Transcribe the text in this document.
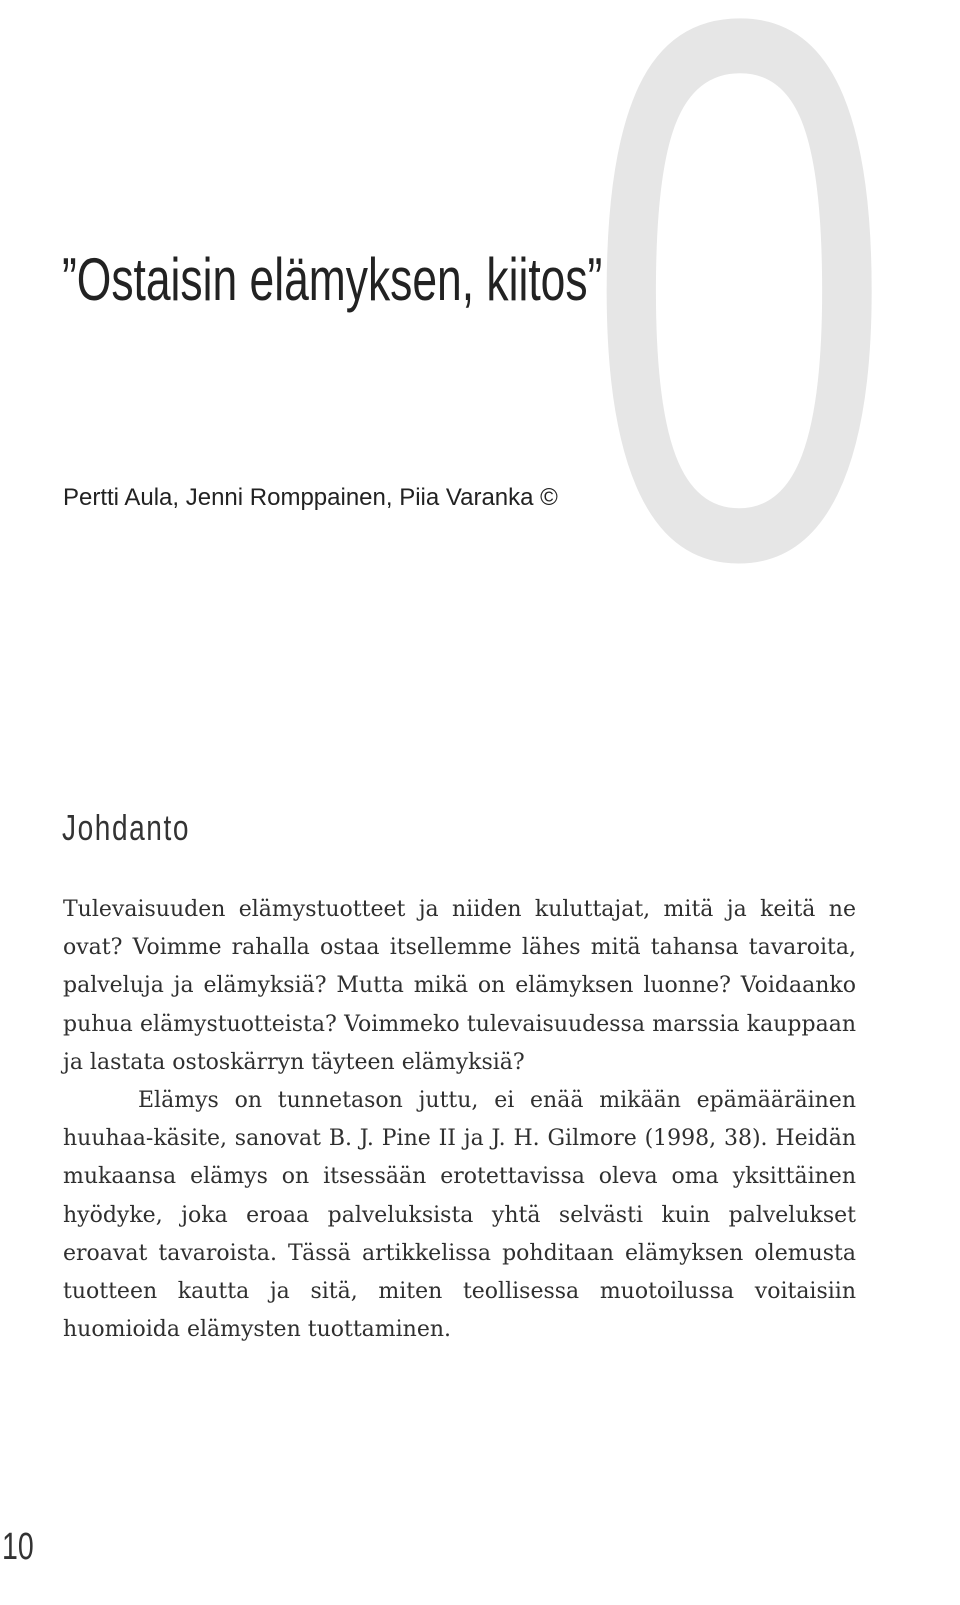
0
”Ostaisin elämyksen, kiitos”

Pertti Aula, Jenni Romppainen, Piia Varanka ©

Johdanto

Tulevaisuuden elämystuotteet ja niiden kuluttajat, mitä ja keitä ne ovat? Voimme rahalla ostaa itsellemme lähes mitä tahansa tavaroita, palveluja ja elämyksiä? Mutta mikä on elämyksen luonne? Voidaanko puhua elämystuotteista? Voimmeko tulevaisuudessa marssia kauppaan ja lastata ostoskärryn täyteen elämyksiä?

Elämys on tunnetason juttu, ei enää mikään epämääräinen huuhaa-käsite, sanovat B. J. Pine II ja J. H. Gilmore (1998, 38). Heidän mukaansa elämys on itsessään erotettavissa oleva oma yksittäinen hyödyke, joka eroaa palveluksista yhtä selvästi kuin palvelukset eroavat tavaroista. Tässä artikkelissa pohditaan elämyksen olemusta tuotteen kautta ja sitä, miten teollisessa muotoilussa voitaisiin huomioida elämysten tuottaminen.

10
